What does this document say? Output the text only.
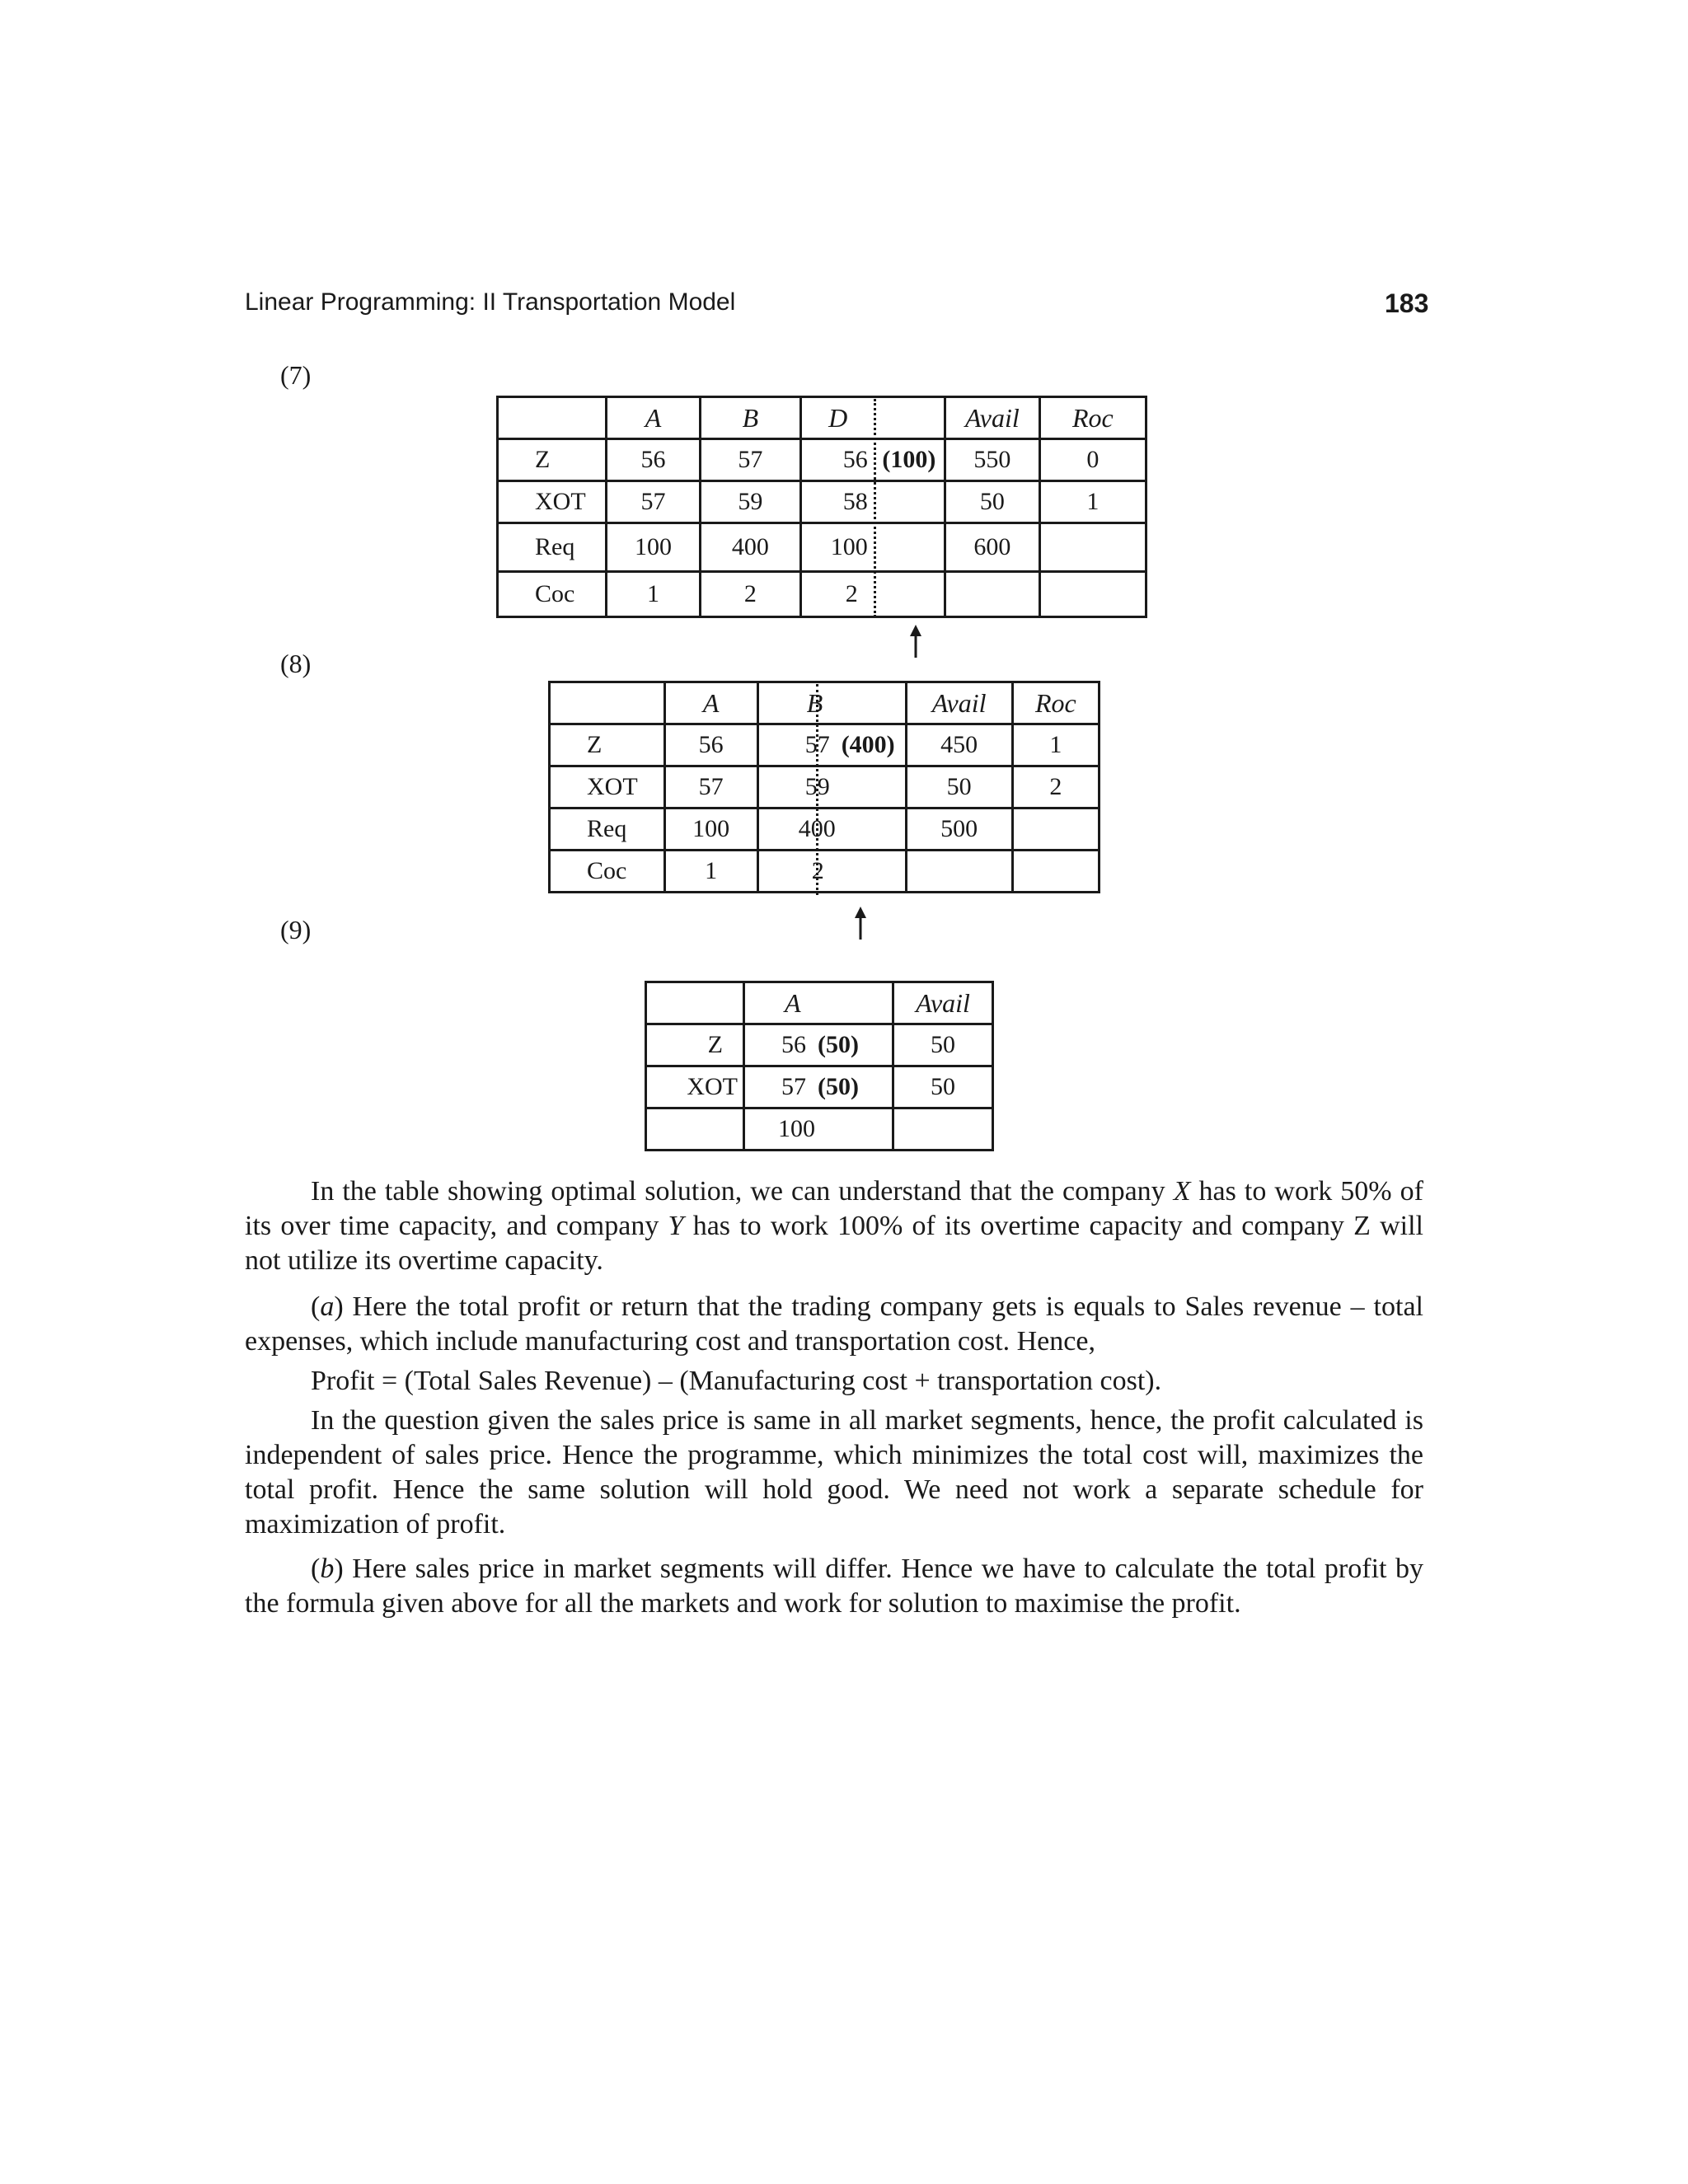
Linear Programming: II Transportation Model	183
(7)
(8)
(9)
	A	B	D		Avail	Roc
Z	56	57	56	(100)	550	0
XOT	57	59	58		50	1
Req	100	400	100		600	
Coc	1	2	2			
	A	B	Avail	Roc
Z	56	57 (400)	450	1
XOT	57	59	50	2
Req	100	400	500	
Coc	1	2		
	A	Avail
Z	56 (50)	50
XOT	57 (50)	50
	100	
In the table showing optimal solution, we can understand that the company X has to work 50% of its over time capacity, and company Y has to work 100% of its overtime capacity and company Z will not utilize its overtime capacity.
(a) Here the total profit or return that the trading company gets is equals to Sales revenue – total expenses, which include manufacturing cost and transportation cost. Hence,
Profit = (Total Sales Revenue) – (Manufacturing cost + transportation cost).
In the question given the sales price is same in all market segments, hence, the profit calculated is independent of sales price. Hence the programme, which minimizes the total cost will, maximizes the total profit. Hence the same solution will hold good. We need not work a separate schedule for maximization of profit.
(b) Here sales price in market segments will differ. Hence we have to calculate the total profit by the formula given above for all the markets and work for solution to maximise the profit.
